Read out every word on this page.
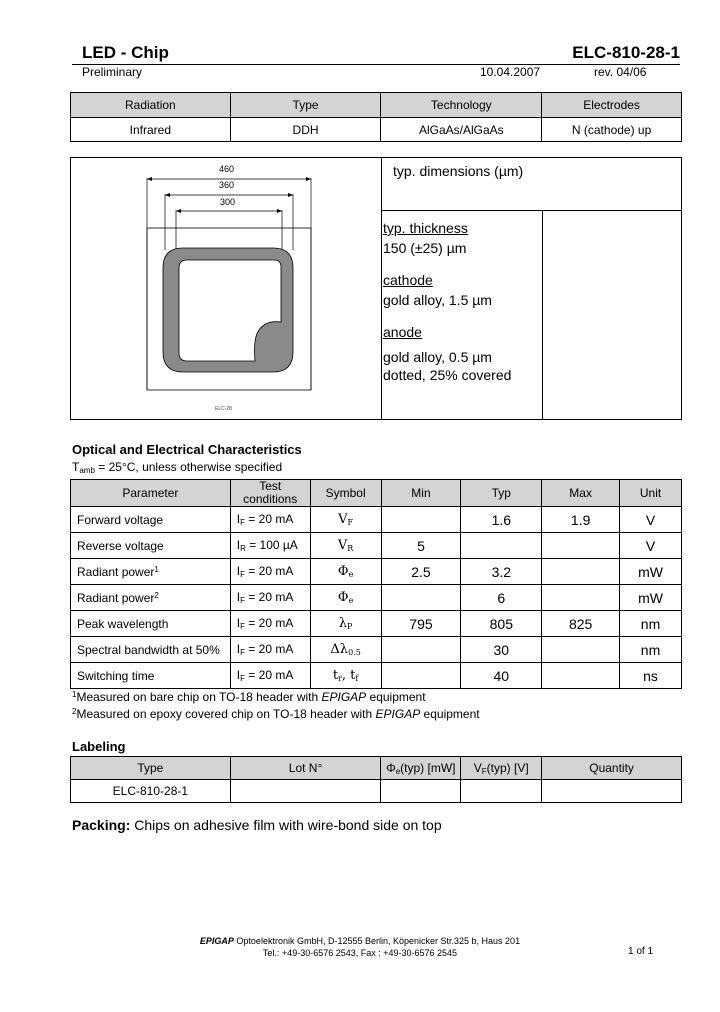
LED - Chip	ELC-810-28-1
Preliminary	10.04.2007	rev. 04/06
Radiation	Type	Technology	Electrodes
Infrared	DDH	AlGaAs/AlGaAs	N (cathode) up
460
360
300
ELC-28
typ. dimensions (µm)
typ. thickness
150 (±25) µm
cathode
gold alloy, 1.5 µm
anode
gold alloy, 0.5 µm
dotted, 25% covered
Optical and Electrical Characteristics
$T_{amb} = 25^\circ C$, unless otherwise specified
Parameter	Test conditions	Symbol	Min	Typ	Max	Unit
Forward voltage	$I_F = 20$ mA	$V_F$		1.6	1.9	V
Reverse voltage	$I_R = 100$ µA	$V_R$	5			V
Radiant power$^1$	$I_F = 20$ mA	$\Phi_e$	2.5	3.2		mW
Radiant power$^2$	$I_F = 20$ mA	$\Phi_e$		6		mW
Peak wavelength	$I_F = 20$ mA	$\lambda_P$	795	805	825	nm
Spectral bandwidth at 50%	$I_F = 20$ mA	$\Delta\lambda_{0.5}$		30		nm
Switching time	$I_F = 20$ mA	$t_r$, $t_f$		40		ns
$^1$Measured on bare chip on TO-18 header with EPIGAP equipment
$^2$Measured on epoxy covered chip on TO-18 header with EPIGAP equipment
Labeling
Type	Lot N°	$\Phi_e(typ)$ [mW]	$V_F(typ)$ [V]	Quantity
ELC-810-28-1				
Packing: Chips on adhesive film with wire-bond side on top
EPIGAP Optoelektronik GmbH, D-12555 Berlin, Köpenicker Str.325 b, Haus 201
Tel.: +49-30-6576 2543, Fax : +49-30-6576 2545	1 of 1
